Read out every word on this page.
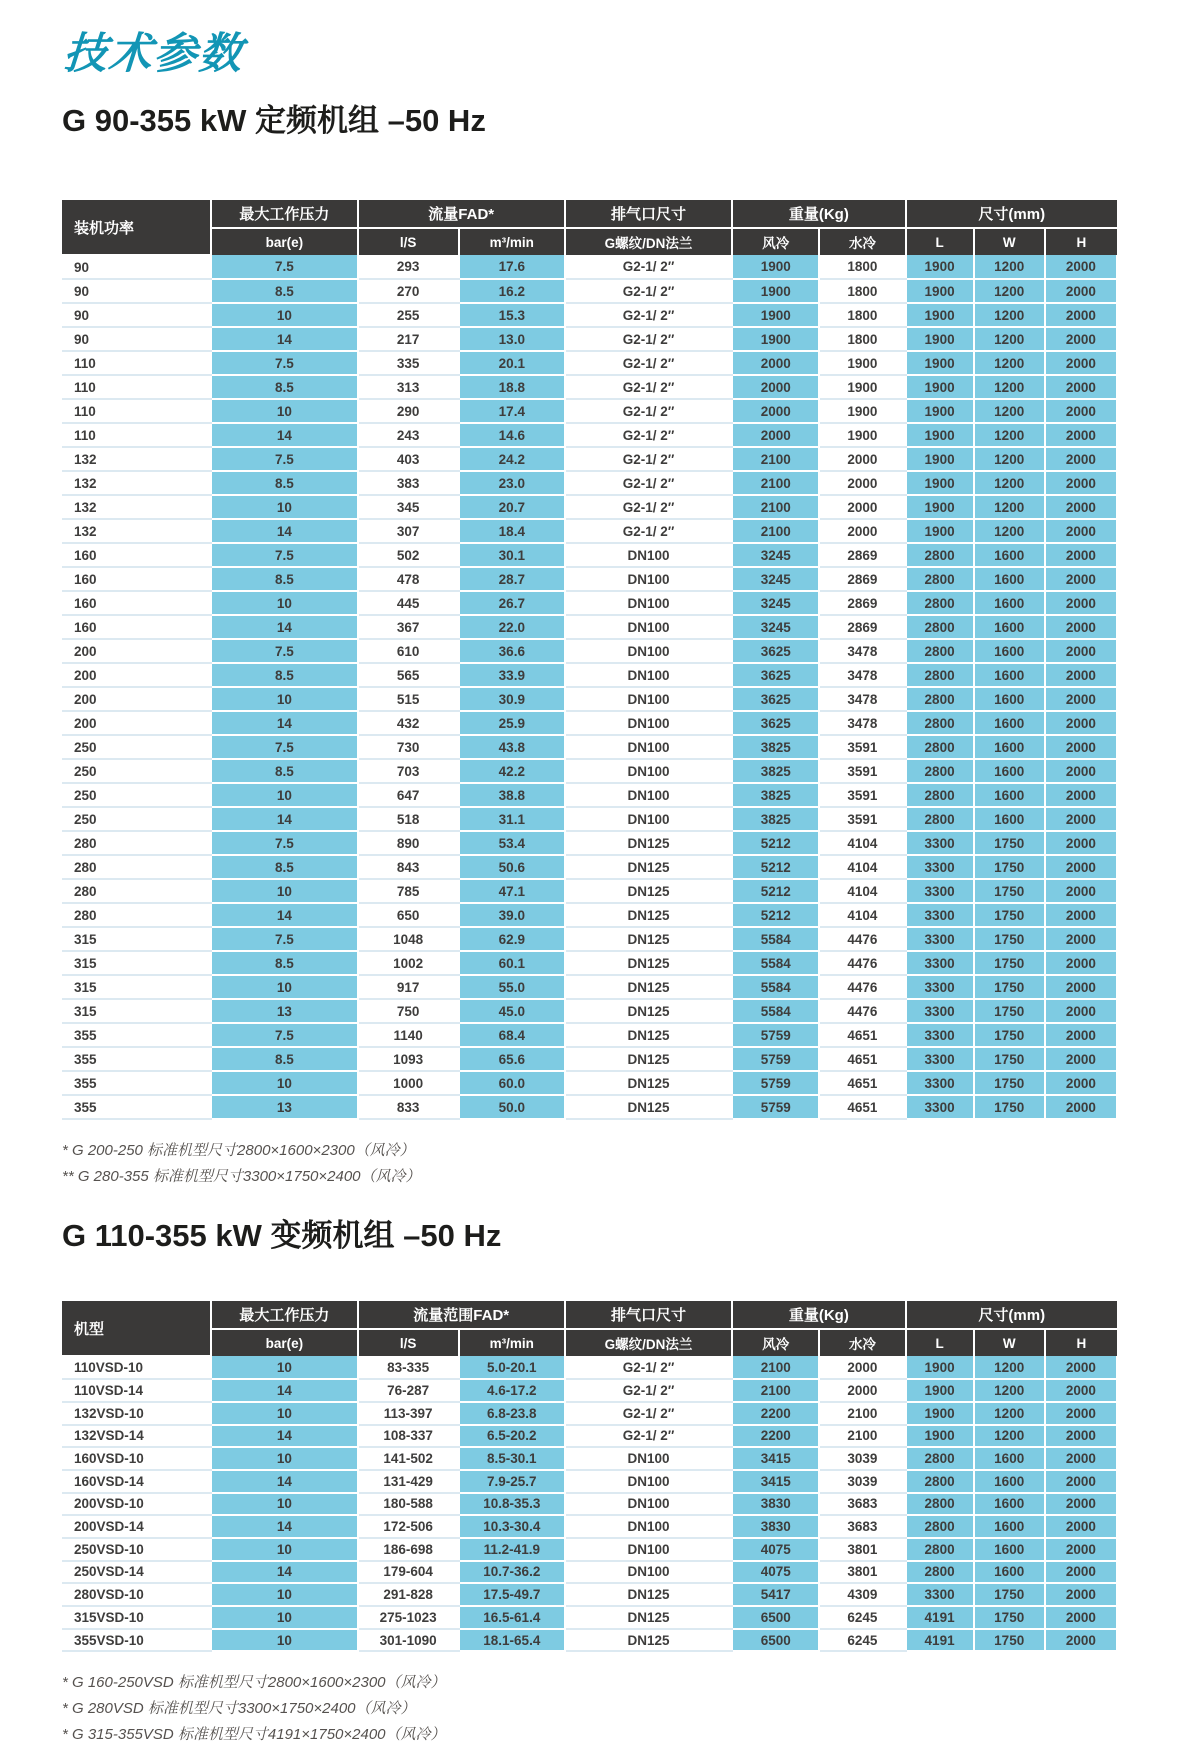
技术参数
G 90-355 kW 定频机组 –50 Hz
装机功率	最大工作压力	流量FAD*		排气口尺寸	重量(Kg)		尺寸(mm)		
	bar(e)	l/S	m³/min	G螺纹/DN法兰	风冷	水冷	L	W	H
90	7.5	293	17.6	G2-1/ 2″	1900	1800	1900	1200	2000
90	8.5	270	16.2	G2-1/ 2″	1900	1800	1900	1200	2000
90	10	255	15.3	G2-1/ 2″	1900	1800	1900	1200	2000
90	14	217	13.0	G2-1/ 2″	1900	1800	1900	1200	2000
110	7.5	335	20.1	G2-1/ 2″	2000	1900	1900	1200	2000
110	8.5	313	18.8	G2-1/ 2″	2000	1900	1900	1200	2000
110	10	290	17.4	G2-1/ 2″	2000	1900	1900	1200	2000
110	14	243	14.6	G2-1/ 2″	2000	1900	1900	1200	2000
132	7.5	403	24.2	G2-1/ 2″	2100	2000	1900	1200	2000
132	8.5	383	23.0	G2-1/ 2″	2100	2000	1900	1200	2000
132	10	345	20.7	G2-1/ 2″	2100	2000	1900	1200	2000
132	14	307	18.4	G2-1/ 2″	2100	2000	1900	1200	2000
160	7.5	502	30.1	DN100	3245	2869	2800	1600	2000
160	8.5	478	28.7	DN100	3245	2869	2800	1600	2000
160	10	445	26.7	DN100	3245	2869	2800	1600	2000
160	14	367	22.0	DN100	3245	2869	2800	1600	2000
200	7.5	610	36.6	DN100	3625	3478	2800	1600	2000
200	8.5	565	33.9	DN100	3625	3478	2800	1600	2000
200	10	515	30.9	DN100	3625	3478	2800	1600	2000
200	14	432	25.9	DN100	3625	3478	2800	1600	2000
250	7.5	730	43.8	DN100	3825	3591	2800	1600	2000
250	8.5	703	42.2	DN100	3825	3591	2800	1600	2000
250	10	647	38.8	DN100	3825	3591	2800	1600	2000
250	14	518	31.1	DN100	3825	3591	2800	1600	2000
280	7.5	890	53.4	DN125	5212	4104	3300	1750	2000
280	8.5	843	50.6	DN125	5212	4104	3300	1750	2000
280	10	785	47.1	DN125	5212	4104	3300	1750	2000
280	14	650	39.0	DN125	5212	4104	3300	1750	2000
315	7.5	1048	62.9	DN125	5584	4476	3300	1750	2000
315	8.5	1002	60.1	DN125	5584	4476	3300	1750	2000
315	10	917	55.0	DN125	5584	4476	3300	1750	2000
315	13	750	45.0	DN125	5584	4476	3300	1750	2000
355	7.5	1140	68.4	DN125	5759	4651	3300	1750	2000
355	8.5	1093	65.6	DN125	5759	4651	3300	1750	2000
355	10	1000	60.0	DN125	5759	4651	3300	1750	2000
355	13	833	50.0	DN125	5759	4651	3300	1750	2000

* G 200-250 标准机型尺寸2800×1600×2300（风冷）

** G 280-355 标准机型尺寸3300×1750×2400（风冷）

G 110-355 kW 变频机组 –50 Hz
机型	最大工作压力	流量范围FAD*		排气口尺寸	重量(Kg)		尺寸(mm)		
	bar(e)	l/S	m³/min	G螺纹/DN法兰	风冷	水冷	L	W	H
110VSD-10	10	83-335	5.0-20.1	G2-1/ 2″	2100	2000	1900	1200	2000
110VSD-14	14	76-287	4.6-17.2	G2-1/ 2″	2100	2000	1900	1200	2000
132VSD-10	10	113-397	6.8-23.8	G2-1/ 2″	2200	2100	1900	1200	2000
132VSD-14	14	108-337	6.5-20.2	G2-1/ 2″	2200	2100	1900	1200	2000
160VSD-10	10	141-502	8.5-30.1	DN100	3415	3039	2800	1600	2000
160VSD-14	14	131-429	7.9-25.7	DN100	3415	3039	2800	1600	2000
200VSD-10	10	180-588	10.8-35.3	DN100	3830	3683	2800	1600	2000
200VSD-14	14	172-506	10.3-30.4	DN100	3830	3683	2800	1600	2000
250VSD-10	10	186-698	11.2-41.9	DN100	4075	3801	2800	1600	2000
250VSD-14	14	179-604	10.7-36.2	DN100	4075	3801	2800	1600	2000
280VSD-10	10	291-828	17.5-49.7	DN125	5417	4309	3300	1750	2000
315VSD-10	10	275-1023	16.5-61.4	DN125	6500	6245	4191	1750	2000
355VSD-10	10	301-1090	18.1-65.4	DN125	6500	6245	4191	1750	2000

* G 160-250VSD 标准机型尺寸2800×1600×2300（风冷）

* G 280VSD 标准机型尺寸3300×1750×2400（风冷）

* G 315-355VSD 标准机型尺寸4191×1750×2400（风冷）
